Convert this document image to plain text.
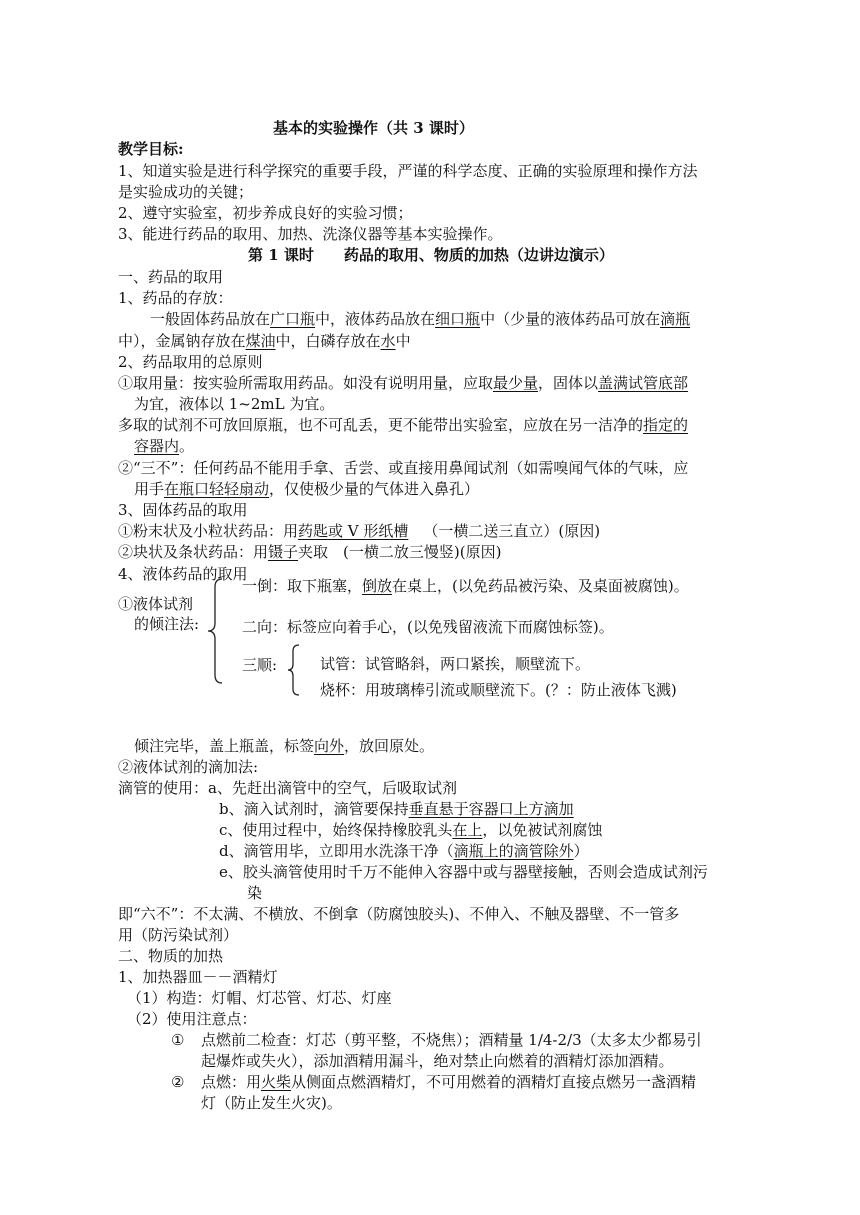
基本的实验操作（共 3 课时）
教学目标:
1、知道实验是进行科学探究的重要手段，严谨的科学态度、正确的实验原理和操作方法
是实验成功的关键；
2、遵守实验室，初步养成良好的实验习惯；
3、能进行药品的取用、加热、洗涤仪器等基本实验操作。
第 1 课时　　药品的取用、物质的加热（边讲边演示）
一、药品的取用
1、药品的存放：
一般固体药品放在广口瓶中，液体药品放在细口瓶中（少量的液体药品可放在滴瓶
中），金属钠存放在煤油中，白磷存放在水中
2、药品取用的总原则
①取用量：按实验所需取用药品。如没有说明用量，应取最少量，固体以盖满试管底部
为宜，液体以 1~2mL 为宜。
多取的试剂不可放回原瓶，也不可乱丢，更不能带出实验室，应放在另一洁净的指定的
容器内。
②“三不”：任何药品不能用手拿、舌尝、或直接用鼻闻试剂（如需嗅闻气体的气味，应
用手在瓶口轻轻扇动，仅使极少量的气体进入鼻孔）
3、固体药品的取用
①粉末状及小粒状药品：用药匙或 V 形纸槽  （一横二送三直立）(原因)
②块状及条状药品：用镊子夹取　(一横二放三慢竖)(原因)
4、液体药品的取用
①液体试剂
的倾注法:
一倒：取下瓶塞，倒放在桌上，(以免药品被污染、及桌面被腐蚀)。
二向：标签应向着手心，(以免残留液流下而腐蚀标签)。
三顺:	试管：试管略斜，两口紧挨，顺壁流下。
烧杯：用玻璃棒引流或顺壁流下。(？：防止液体飞溅)
倾注完毕，盖上瓶盖，标签向外，放回原处。
②液体试剂的滴加法:
滴管的使用：a、先赶出滴管中的空气，后吸取试剂
b、滴入试剂时，滴管要保持垂直悬于容器口上方滴加
c、使用过程中，始终保持橡胶乳头在上，以免被试剂腐蚀
d、滴管用毕，立即用水洗涤干净（滴瓶上的滴管除外）
e、胶头滴管使用时千万不能伸入容器中或与器壁接触，否则会造成试剂污
染
即“六不”：不太满、不横放、不倒拿（防腐蚀胶头)、不伸入、不触及器壁、不一管多
用（防污染试剂）
二、物质的加热
1、加热器皿－－酒精灯
（1）构造：灯帽、灯芯管、灯芯、灯座
（2）使用注意点：
① 点燃前二检查：灯芯（剪平整，不烧焦）；酒精量 1/4-2/3（太多太少都易引
起爆炸或失火），添加酒精用漏斗，绝对禁止向燃着的酒精灯添加酒精。
② 点燃：用火柴从侧面点燃酒精灯，不可用燃着的酒精灯直接点燃另一盏酒精
灯（防止发生火灾)。
